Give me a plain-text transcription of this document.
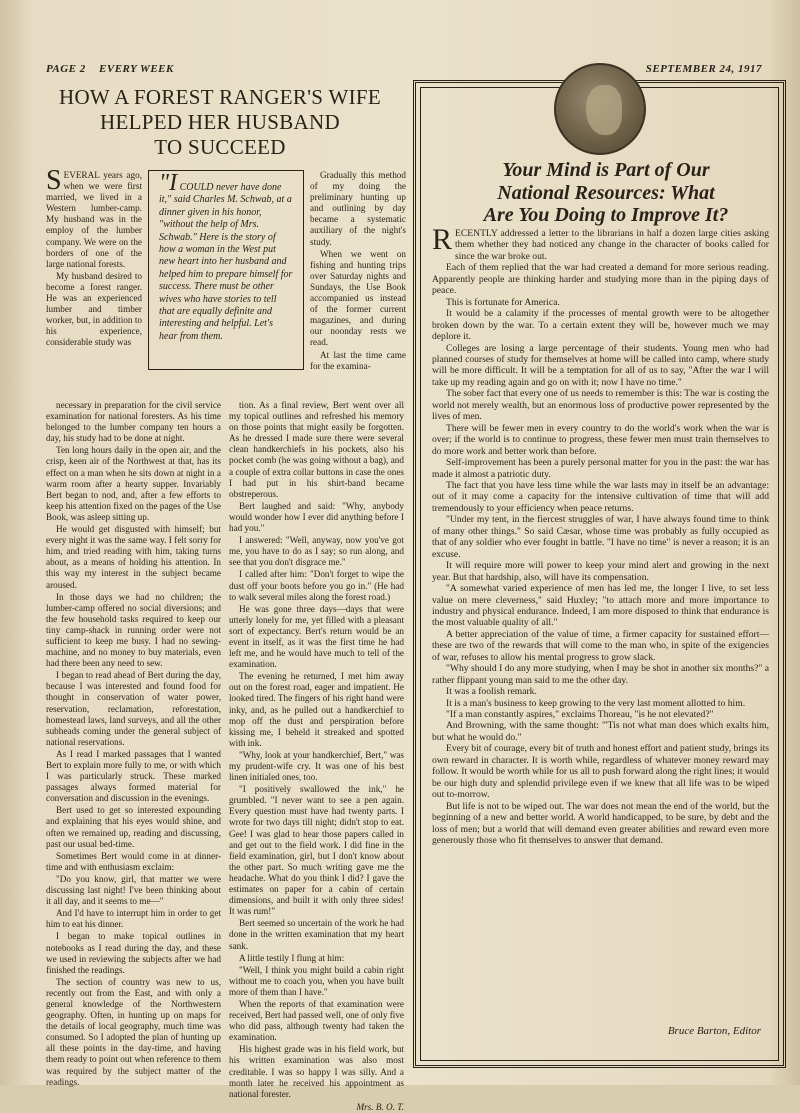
PAGE 2 EVERY WEEK	SEPTEMBER 24, 1917
HOW A FOREST RANGER'S WIFE
HELPED HER HUSBAND
TO SUCCEED

SEVERAL years ago, when we were first married, we lived in a Western lumber-camp. My husband was in the employ of the lumber company. We were on the borders of one of the large national forests.

My husband desired to become a forest ranger. He was an experienced lumber and timber worker, but, in addition to his experience, considerable study was

"I COULD never have done it," said Charles M. Schwab, at a dinner given in his honor, "without the help of Mrs. Schwab." Here is the story of how a woman in the West put new heart into her husband and helped him to prepare himself for success. There must be other wives who have stories to tell that are equally definite and interesting and helpful. Let's hear from them.

Gradually this method of my doing the preliminary hunting up and outlining by day became a systematic auxiliary of the night's study.

When we went on fishing and hunting trips over Saturday nights and Sundays, the Use Book accompanied us instead of the former current magazines, and during our noonday rests we read.

At last the time came for the examina-

necessary in preparation for the civil service examination for national foresters. As his time belonged to the lumber company ten hours a day, his study had to be done at night.

Ten long hours daily in the open air, and the crisp, keen air of the Northwest at that, has its effect on a man when he sits down at night in a warm room after a hearty supper. Invariably Bert began to nod, and, after a few efforts to keep his attention fixed on the pages of the Use Book, was asleep sitting up.

He would get disgusted with himself; but every night it was the same way. I felt sorry for him, and tried reading with him, taking turns about, as a means of holding his attention. In this way my interest in the subject became aroused.

In those days we had no children; the lumber-camp offered no social diversions; and the few household tasks required to keep our tiny camp-shack in running order were not sufficient to keep me busy. I had no sewing-machine, and no money to buy materials, even had there been any need to sew.

I began to read ahead of Bert during the day, because I was interested and found food for thought in conservation of water power, reservation, reclamation, reforestation, homestead laws, land surveys, and all the other subheads coming under the general subject of national reservations.

As I read I marked passages that I wanted Bert to explain more fully to me, or with which I was particularly struck. These marked passages always formed material for conversation and discussion in the evenings.

Bert used to get so interested expounding and explaining that his eyes would shine, and often we remained up, reading and discussing, past our usual bed-time.

Sometimes Bert would come in at dinner-time and with enthusiasm exclaim:

"Do you know, girl, that matter we were discussing last night! I've been thinking about it all day, and it seems to me—"

And I'd have to interrupt him in order to get him to eat his dinner.

I began to make topical outlines in notebooks as I read during the day, and these we used in reviewing the subjects after we had finished the readings.

The section of country was new to us, recently out from the East, and with only a general knowledge of the Northwestern geography. Often, in hunting up on maps for the details of local geography, much time was consumed. So I adopted the plan of hunting up all these points in the day-time, and having them ready to point out when reference to them was required by the subject matter of the readings.

tion. As a final review, Bert went over all my topical outlines and refreshed his memory on those points that might easily be forgotten. As he dressed I made sure there were several clean handkerchiefs in his pockets, also his pocket comb (he was going without a bag), and a couple of extra collar buttons in case the ones I had put in his shirt-band became obstreperous.

Bert laughed and said: "Why, anybody would wonder how I ever did anything before I had you."

I answered: "Well, anyway, now you've got me, you have to do as I say; so run along, and see that you don't disgrace me."

I called after him: "Don't forget to wipe the dust off your boots before you go in." (He had to walk several miles along the forest road.)

He was gone three days—days that were utterly lonely for me, yet filled with a pleasant sort of expectancy. Bert's return would be an event in itself, as it was the first time he had left me, and he would have much to tell of the examination.

The evening he returned, I met him away out on the forest road, eager and impatient. He looked tired. The fingers of his right hand were inky, and, as he pulled out a handkerchief to mop off the dust and perspiration before kissing me, I beheld it streaked and spotted with ink.

"Why, look at your handkerchief, Bert," was my prudent-wife cry. It was one of his best linen initialed ones, too.

"I positively swallowed the ink," he grumbled. "I never want to see a pen again. Every question must have had twenty parts. I wrote for two days till night; didn't stop to eat. Gee! I was glad to hear those papers called in and get out to the field work. I did fine in the field examination, girl, but I don't know about the other part. So much writing gave me the headache. What do you think I did? I gave the estimates on paper for a cabin of certain dimensions, and built it with only three sides! It was rum!"

Bert seemed so uncertain of the work he had done in the written examination that my heart sank.

A little testily I flung at him:

"Well, I think you might build a cabin right without me to coach you, when you have built more of them than I have."

When the reports of that examination were received, Bert had passed well, one of only five who did pass, although twenty had taken the examination.

His highest grade was in his field work, but his written examination was also most creditable. I was so happy I was silly. And a month later he received his appointment as national forester.

Mrs. B. O. T.
Your Mind is Part of Our
National Resources: What
Are You Doing to Improve It?

RECENTLY addressed a letter to the librarians in half a dozen large cities asking them whether they had noticed any change in the character of books called for since the war broke out.

Each of them replied that the war had created a demand for more serious reading. Apparently people are thinking harder and studying more than in the piping days of peace.

This is fortunate for America.

It would be a calamity if the processes of mental growth were to be altogether broken down by the war. To a certain extent they will be, however much we may deplore it.

Colleges are losing a large percentage of their students. Young men who had planned courses of study for themselves at home will be called into camp, where study will be more difficult. It will be a temptation for all of us to say, "After the war I will take up my reading again and go on with it; now I have no time."

The sober fact that every one of us needs to remember is this: The war is costing the world not merely wealth, but an enormous loss of productive power represented by the lives of men.

There will be fewer men in every country to do the world's work when the war is over; if the world is to continue to progress, these fewer men must train themselves to do more work and better work than before.

Self-improvement has been a purely personal matter for you in the past: the war has made it almost a patriotic duty.

The fact that you have less time while the war lasts may in itself be an advantage: out of it may come a capacity for the intensive cultivation of time that will add tremendously to your efficiency when peace returns.

"Under my tent, in the fiercest struggles of war, I have always found time to think of many other things." So said Cæsar, whose time was probably as fully occupied as that of any soldier who ever fought in battle. "I have no time" is never a reason; it is an excuse.

It will require more will power to keep your mind alert and growing in the next year. But that hardship, also, will have its compensation.

"A somewhat varied experience of men has led me, the longer I live, to set less value on mere cleverness," said Huxley; "to attach more and more importance to industry and physical endurance. Indeed, I am more disposed to think that endurance is the most valuable quality of all."

A better appreciation of the value of time, a firmer capacity for sustained effort—these are two of the rewards that will come to the man who, in spite of the exigencies of war, refuses to allow his mental progress to grow slack.

"Why should I do any more studying, when I may be shot in another six months?" a rather flippant young man said to me the other day.

It was a foolish remark.

It is a man's business to keep growing to the very last moment allotted to him.

"If a man constantly aspires," exclaims Thoreau, "is he not elevated?"

And Browning, with the same thought: "'Tis not what man does which exalts him, but what he would do."

Every bit of courage, every bit of truth and honest effort and patient study, brings its own reward in character. It is worth while, regardless of whatever money reward may follow. It would be worth while for us all to push forward along the right lines; it would be our high duty and splendid privilege even if we knew that all life was to be wiped out to-morrow.

But life is not to be wiped out. The war does not mean the end of the world, but the beginning of a new and better world. A world handicapped, to be sure, by debt and the loss of men; but a world that will demand even greater abilities and reward even more generously those who fit themselves to answer that demand.

Bruce Barton, Editor
